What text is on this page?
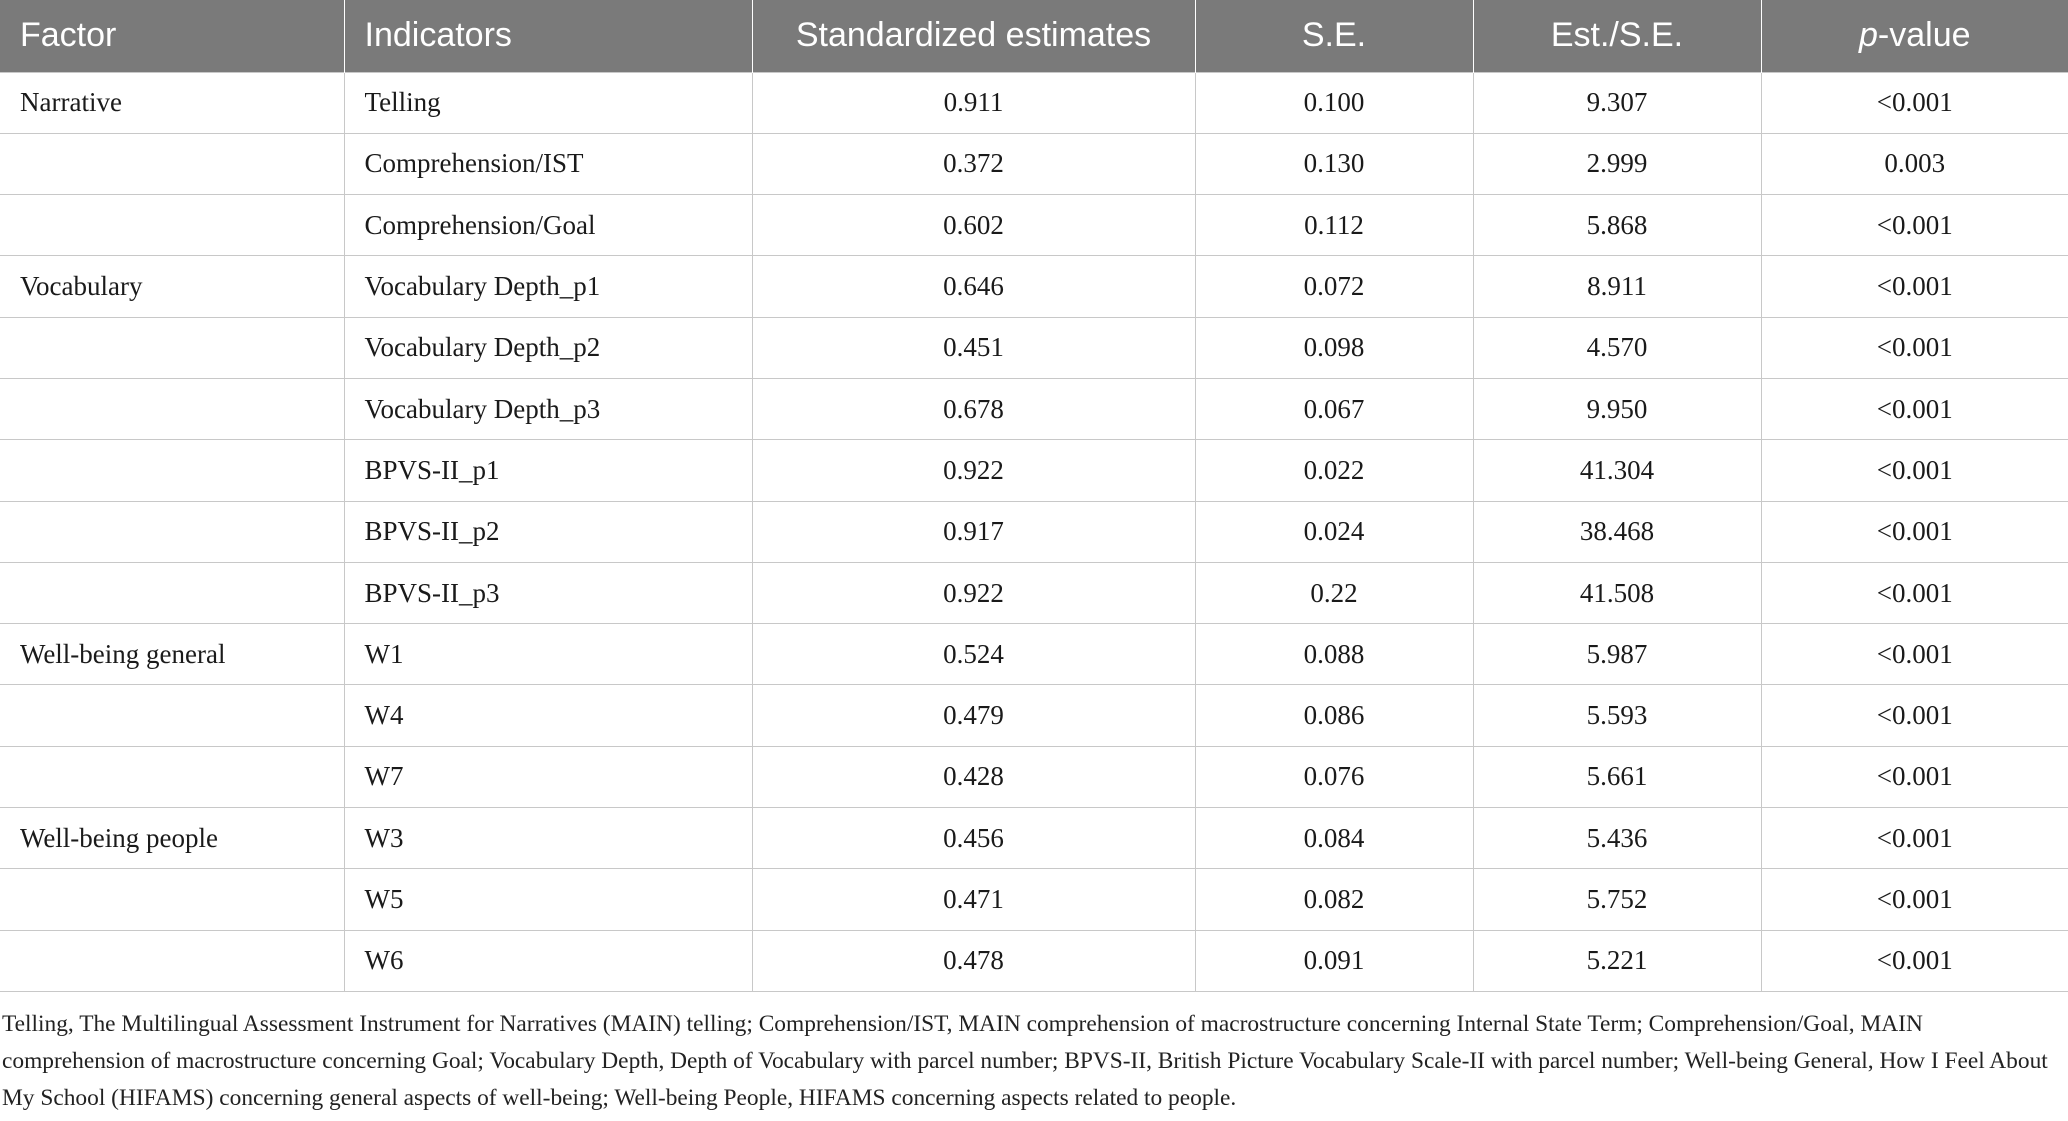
Factor	Indicators	Standardized estimates	S.E.	Est./S.E.	p-value
Narrative	Telling	0.911	0.100	9.307	<0.001
	Comprehension/IST	0.372	0.130	2.999	0.003
	Comprehension/Goal	0.602	0.112	5.868	<0.001
Vocabulary	Vocabulary Depth_p1	0.646	0.072	8.911	<0.001
	Vocabulary Depth_p2	0.451	0.098	4.570	<0.001
	Vocabulary Depth_p3	0.678	0.067	9.950	<0.001
	BPVS-II_p1	0.922	0.022	41.304	<0.001
	BPVS-II_p2	0.917	0.024	38.468	<0.001
	BPVS-II_p3	0.922	0.22	41.508	<0.001
Well-being general	W1	0.524	0.088	5.987	<0.001
	W4	0.479	0.086	5.593	<0.001
	W7	0.428	0.076	5.661	<0.001
Well-being people	W3	0.456	0.084	5.436	<0.001
	W5	0.471	0.082	5.752	<0.001
	W6	0.478	0.091	5.221	<0.001

Telling, The Multilingual Assessment Instrument for Narratives (MAIN) telling; Comprehension/IST, MAIN comprehension of macrostructure concerning Internal State Term; Comprehension/Goal, MAIN comprehension of macrostructure concerning Goal; Vocabulary Depth, Depth of Vocabulary with parcel number; BPVS-II, British Picture Vocabulary Scale-II with parcel number; Well-being General, How I Feel About My School (HIFAMS) concerning general aspects of well-being; Well-being People, HIFAMS concerning aspects related to people.
